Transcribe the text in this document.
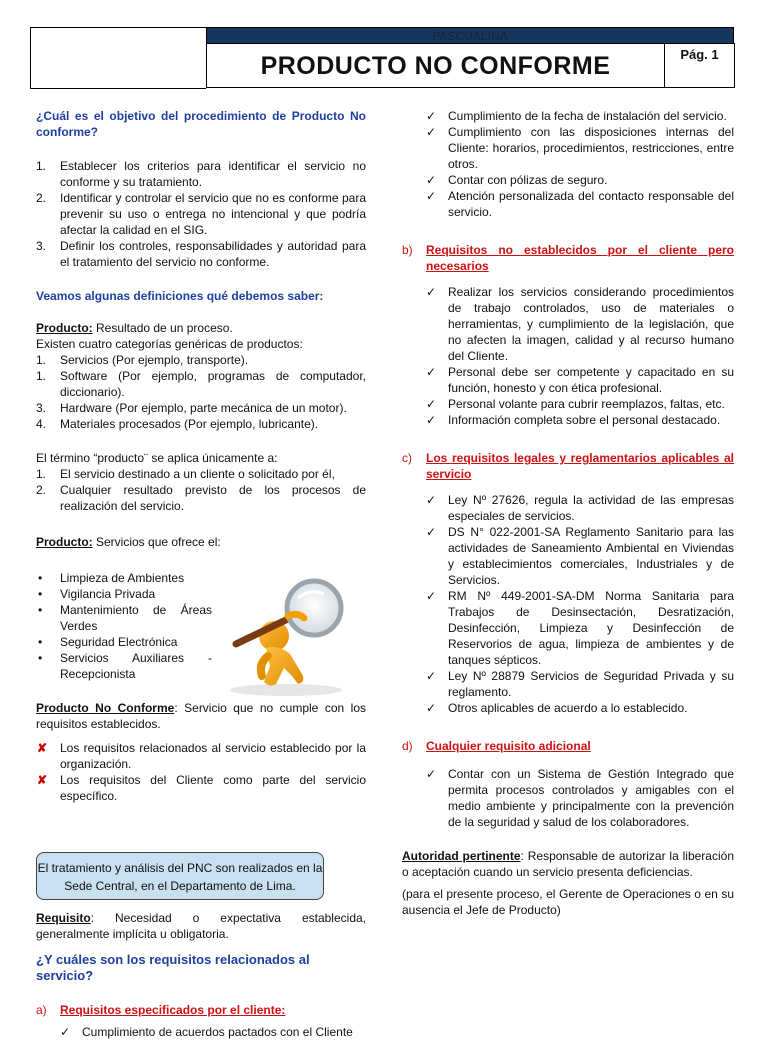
PASCUALINA
PRODUCTO NO CONFORME	Pág. 1

¿Cuál es el objetivo del procedimiento de Producto No conforme?

1. Establecer los criterios para identificar el servicio no conforme y su tratamiento.
2. Identificar y controlar el servicio que no es conforme para prevenir su uso o entrega no intencional y que podría afectar la calidad en el SIG.
3. Definir los controles, responsabilidades y autoridad para el tratamiento del servicio no conforme.

Veamos algunas definiciones qué debemos saber:

Producto: Resultado de un proceso.

Existen cuatro categorías genéricas de productos:

1. Servicios (Por ejemplo, transporte).
1. Software (Por ejemplo, programas de computador, diccionario).
3. Hardware (Por ejemplo, parte mecánica de un motor).
4. Materiales procesados (Por ejemplo, lubricante).

El término “producto¨ se aplica únicamente a:

1. El servicio destinado a un cliente o solicitado por él,
2. Cualquier resultado previsto de los procesos de realización del servicio.

Producto: Servicios que ofrece el:

• Limpieza de Ambientes
• Vigilancia Privada
• Mantenimiento de Áreas Verdes
• Seguridad Electrónica
• Servicios Auxiliares - Recepcionista

Producto No Conforme: Servicio que no cumple con los requisitos establecidos.

✘ Los requisitos relacionados al servicio establecido por la organización.
✘ Los requisitos del Cliente como parte del servicio específico.
El tratamiento y análisis del PNC son realizados en la Sede Central, en el Departamento de Lima.

Requisito: Necesidad o expectativa establecida, generalmente implícita u obligatoria.

¿Y cuáles son los requisitos relacionados al servicio?

a)	Requisitos especificados por el cliente:
✓ Cumplimiento de acuerdos pactados con el Cliente
✓ Cumplimiento de la fecha de instalación del servicio.
✓ Cumplimiento con las disposiciones internas del Cliente: horarios, procedimientos, restricciones, entre otros.
✓ Contar con pólizas de seguro.
✓ Atención personalizada del contacto responsable del servicio.
b)	Requisitos no establecidos por el cliente pero necesarios
✓ Realizar los servicios considerando procedimientos de trabajo controlados, uso de materiales o herramientas, y cumplimiento de la legislación, que no afecten la imagen, calidad y al recurso humano del Cliente.
✓ Personal debe ser competente y capacitado en su función, honesto y con ética profesional.
✓ Personal volante para cubrir reemplazos, faltas, etc.
✓ Información completa sobre el personal destacado.
c)	Los requisitos legales y reglamentarios aplicables al servicio
✓ Ley Nº 27626, regula la actividad de las empresas especiales de servicios.
✓ DS N° 022-2001-SA Reglamento Sanitario para las actividades de Saneamiento Ambiental en Viviendas y establecimientos comerciales, Industriales y de Servicios.
✓ RM Nº 449-2001-SA-DM Norma Sanitaria para Trabajos de Desinsectación, Desratización, Desinfección, Limpieza y Desinfección de Reservorios de agua, limpieza de ambientes y de tanques sépticos.
✓ Ley Nº 28879 Servicios de Seguridad Privada y su reglamento.
✓ Otros aplicables de acuerdo a lo establecido.
d)	Cualquier requisito adicional
✓ Contar con un Sistema de Gestión Integrado que permita procesos controlados y amigables con el medio ambiente y principalmente con la prevención de la seguridad y salud de los colaboradores.

Autoridad pertinente: Responsable de autorizar la liberación o aceptación cuando un servicio presenta deficiencias.

(para el presente proceso, el Gerente de Operaciones o en su ausencia el Jefe de Producto)
